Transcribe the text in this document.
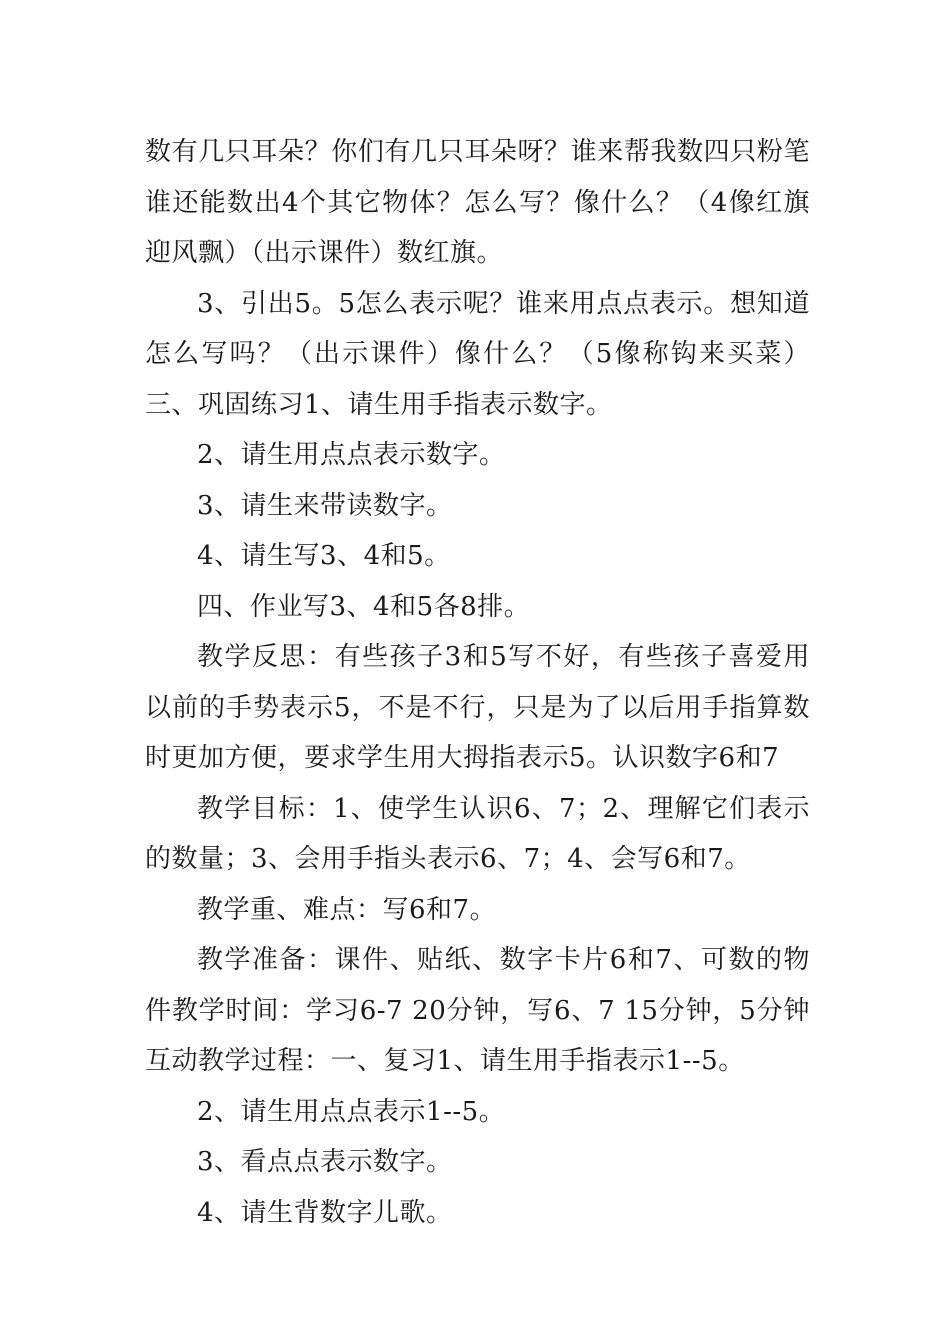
数有几只耳朵？你们有几只耳朵呀？谁来帮我数四只粉笔谁还能数出4个其它物体？怎么写？像什么？（4像红旗迎风飘）（出示课件）数红旗。

3、引出5。5怎么表示呢？谁来用点点表示。想知道怎么写吗？（出示课件）像什么？（5像称钩来买菜）三、巩固练习1、请生用手指表示数字。

2、请生用点点表示数字。

3、请生来带读数字。

4、请生写3、4和5。

四、作业写3、4和5各8排。

教学反思：有些孩子3和5写不好，有些孩子喜爱用以前的手势表示5，不是不行，只是为了以后用手指算数时更加方便，要求学生用大拇指表示5。认识数字6和7

教学目标：1、使学生认识6、7；2、理解它们表示的数量；3、会用手指头表示6、7；4、会写6和7。

教学重、难点：写6和7。

教学准备：课件、贴纸、数字卡片6和7、可数的物件教学时间：学习6-7 20分钟，写6、7 15分钟，5分钟互动教学过程：一、复习1、请生用手指表示1--5。

2、请生用点点表示1--5。

3、看点点表示数字。

4、请生背数字儿歌。
